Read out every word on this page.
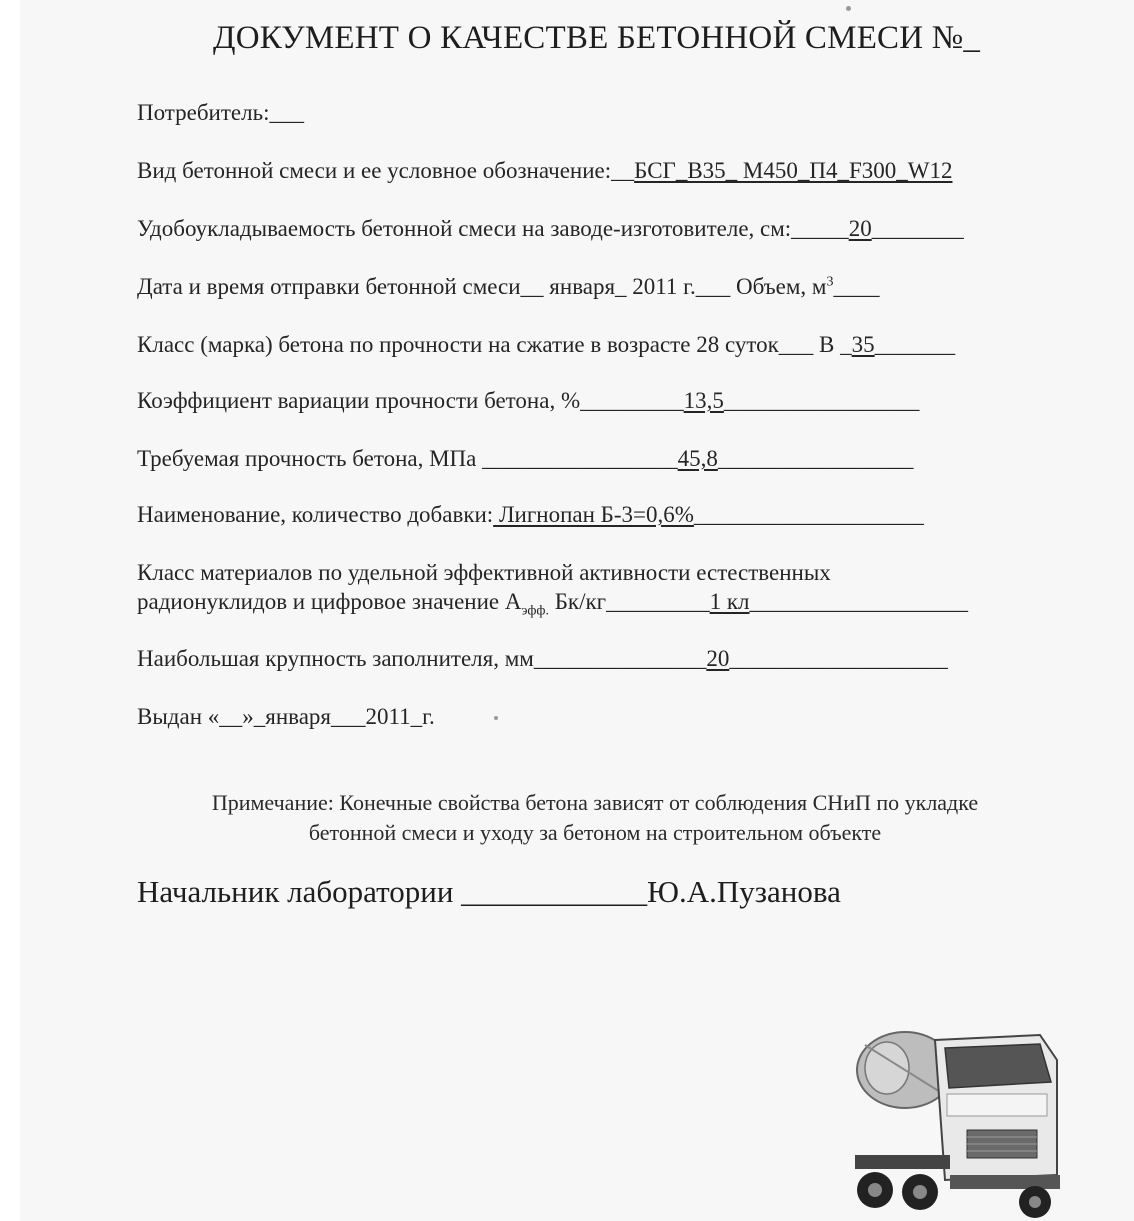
ДОКУМЕНТ О КАЧЕСТВЕ БЕТОННОЙ СМЕСИ №_
Потребитель:___
Вид бетонной смеси и ее условное обозначение:__БСГ_В35_ М450_П4_F300_W12
Удобоукладываемость бетонной смеси на заводе-изготовителе, см:_____20________
Дата и время отправки бетонной смеси__ января_ 2011 г.___ Объем, $м^3\_\_\_\_$
Класс (марка) бетона по прочности на сжатие в возрасте 28 суток___ В _35_______
Коэффициент вариации прочности бетона, %_________13,5_________________
Требуемая прочность бетона, МПа _________________45,8_________________
Наименование, количество добавки: Лигнопан Б-3=0,6%____________________
Класс материалов по удельной эффективной активности естественных
радионуклидов и цифровое значение $А_{эфф.}$ Бк/кг_________1 кл___________________
Наибольшая крупность заполнителя, мм_______________20___________________
Выдан «__»_января___2011_г.
Примечание: Конечные свойства бетона зависят от соблюдения СНиП по укладке
бетонной смеси и уходу за бетоном на строительном объекте
Начальник лаборатории ____________Ю.А.Пузанова
